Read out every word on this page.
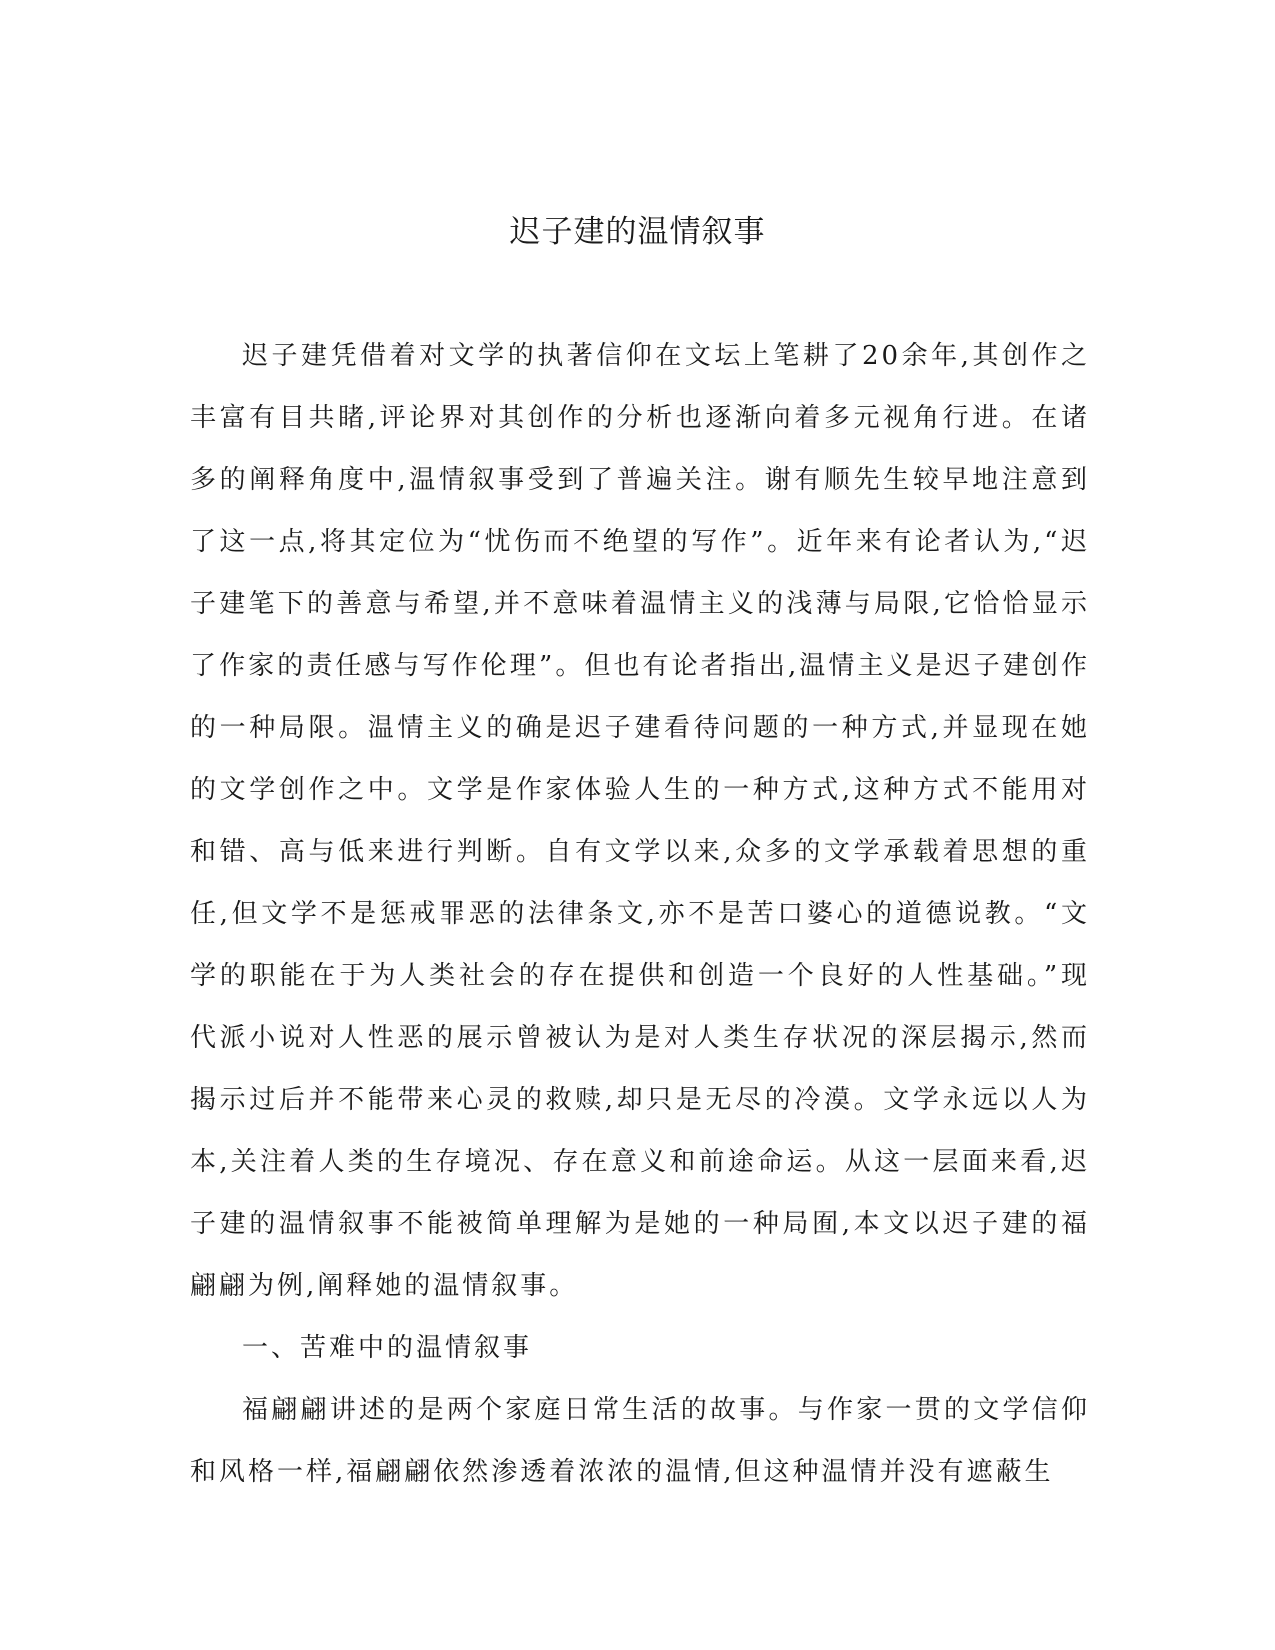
迟子建的温情叙事

迟子建凭借着对文学的执著信仰在文坛上笔耕了20余年,其创作之丰富有目共睹,评论界对其创作的分析也逐渐向着多元视角行进。在诸多的阐释角度中,温情叙事受到了普遍关注。谢有顺先生较早地注意到了这一点,将其定位为“忧伤而不绝望的写作”。近年来有论者认为,“迟子建笔下的善意与希望,并不意味着温情主义的浅薄与局限,它恰恰显示了作家的责任感与写作伦理”。但也有论者指出,温情主义是迟子建创作的一种局限。温情主义的确是迟子建看待问题的一种方式,并显现在她的文学创作之中。文学是作家体验人生的一种方式,这种方式不能用对和错、高与低来进行判断。自有文学以来,众多的文学承载着思想的重任,但文学不是惩戒罪恶的法律条文,亦不是苦口婆心的道德说教。“文学的职能在于为人类社会的存在提供和创造一个良好的人性基础。”现代派小说对人性恶的展示曾被认为是对人类生存状况的深层揭示,然而揭示过后并不能带来心灵的救赎,却只是无尽的冷漠。文学永远以人为本,关注着人类的生存境况、存在意义和前途命运。从这一层面来看,迟子建的温情叙事不能被简单理解为是她的一种局囿,本文以迟子建的福翩翩为例,阐释她的温情叙事。

一、苦难中的温情叙事

福翩翩讲述的是两个家庭日常生活的故事。与作家一贯的文学信仰和风格一样,福翩翩依然渗透着浓浓的温情,但这种温情并没有遮蔽生
